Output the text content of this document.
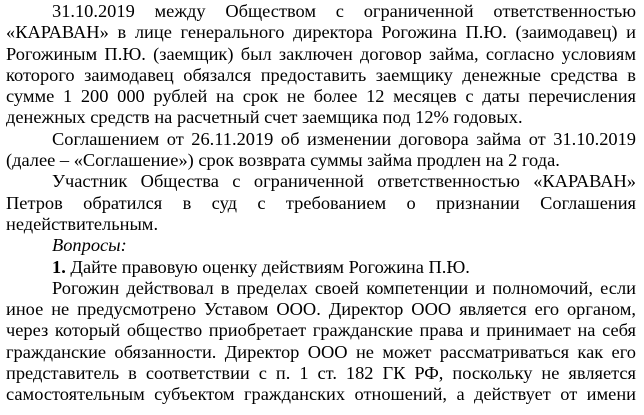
31.10.2019 между Обществом с ограниченной ответственностью
«КАРАВАН» в лице генерального директора Рогожина П.Ю. (заимодавец) и
Рогожиным П.Ю. (заемщик) был заключен договор займа, согласно условиям
которого заимодавец обязался предоставить заемщику денежные средства в
сумме 1 200 000 рублей на срок не более 12 месяцев с даты перечисления
денежных средств на расчетный счет заемщика под 12% годовых.
Соглашением от 26.11.2019 об изменении договора займа от 31.10.2019
(далее – «Соглашение») срок возврата суммы займа продлен на 2 года.
Участник Общества с ограниченной ответственностью «КАРАВАН»
Петров обратился в суд с требованием о признании Соглашения
недействительным.
Вопросы:
1. Дайте правовую оценку действиям Рогожина П.Ю.
Рогожин действовал в пределах своей компетенции и полномочий, если
иное не предусмотрено Уставом ООО. Директор ООО является его органом,
через который общество приобретает гражданские права и принимает на себя
гражданские обязанности. Директор ООО не может рассматриваться как его
представитель в соответствии с п. 1 ст. 182 ГК РФ, поскольку не является
самостоятельным субъектом гражданских отношений, а действует от имени
